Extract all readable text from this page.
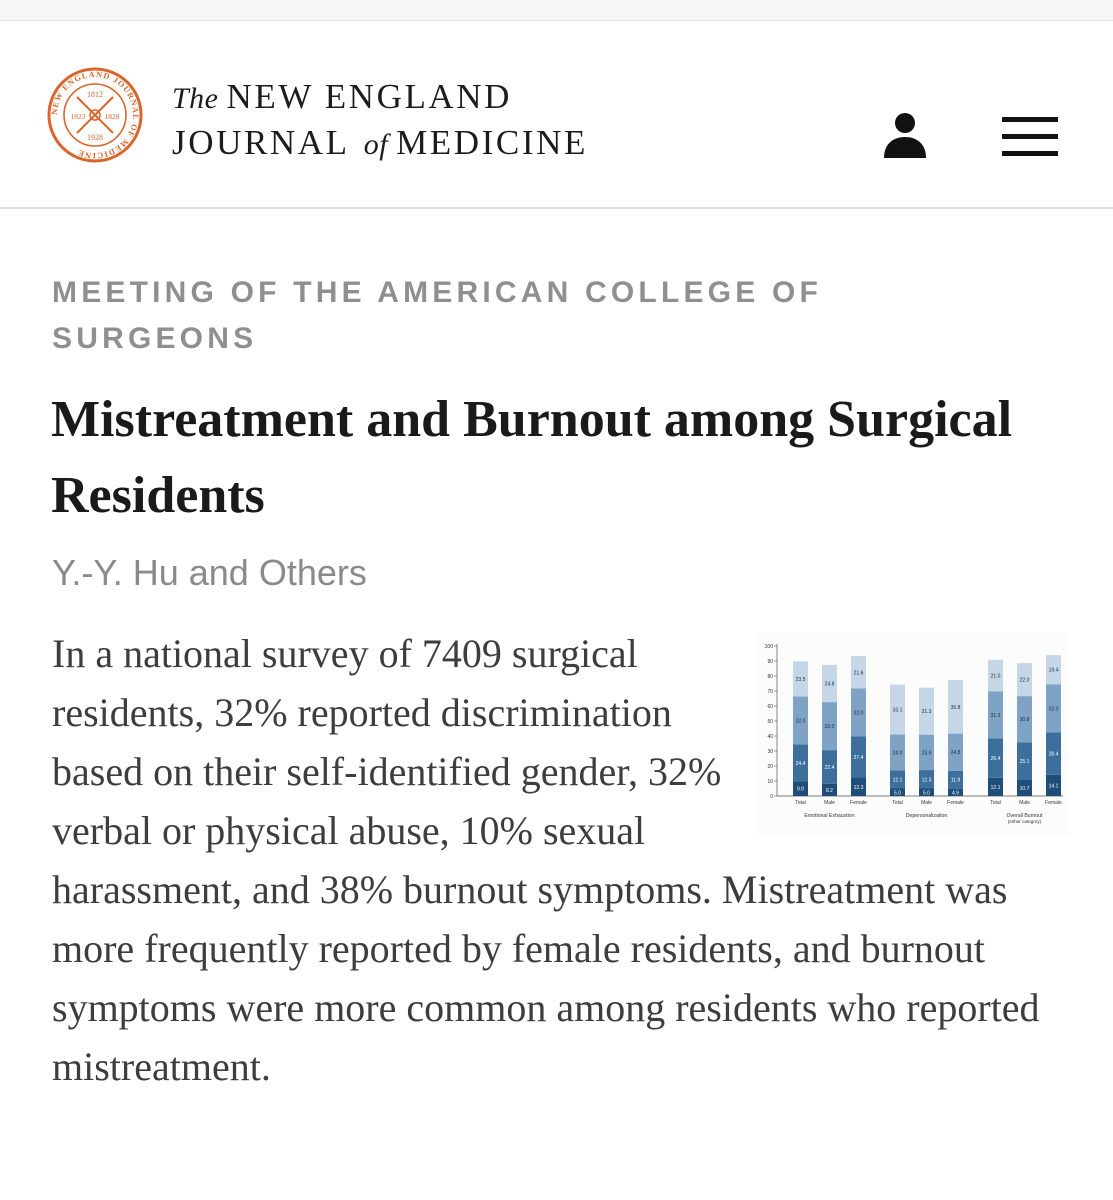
NEW ENGLAND JOURNAL OF MEDICINE
1812
1823	1828
1928
The NEW ENGLAND
JOURNAL of MEDICINE
MEETING OF THE AMERICAN COLLEGE OF SURGEONS
Mistreatment and Burnout among Surgical Residents
Y.-Y. Hu and Others
0
10
20
30
40
50
60
70
80
90
100
9.9
24.4
32.0
23.5
Total
8.2
22.4
32.0
24.8
Male
12.3
27.4
32.0
21.6
Female
Emotional Exhaustion
5.0
12.1
24.0
33.1
Total
5.0
12.3
23.6
31.3
Male
4.9
11.9
24.8
35.8
Female
Depersonalization
12.1
26.4
31.3
21.0
Total
10.7
25.1
30.8
22.0
Male
14.1
28.4
32.0
19.4
Female
Overall Burnout
(either category)
In a national survey of 7409 surgical residents, 32% reported discrimination based on their self-identified gender, 32% verbal or physical abuse, 10% sexual harassment, and 38% burnout symptoms. Mistreatment was more frequently reported by female residents, and burnout symptoms were more common among residents who reported mistreatment.
